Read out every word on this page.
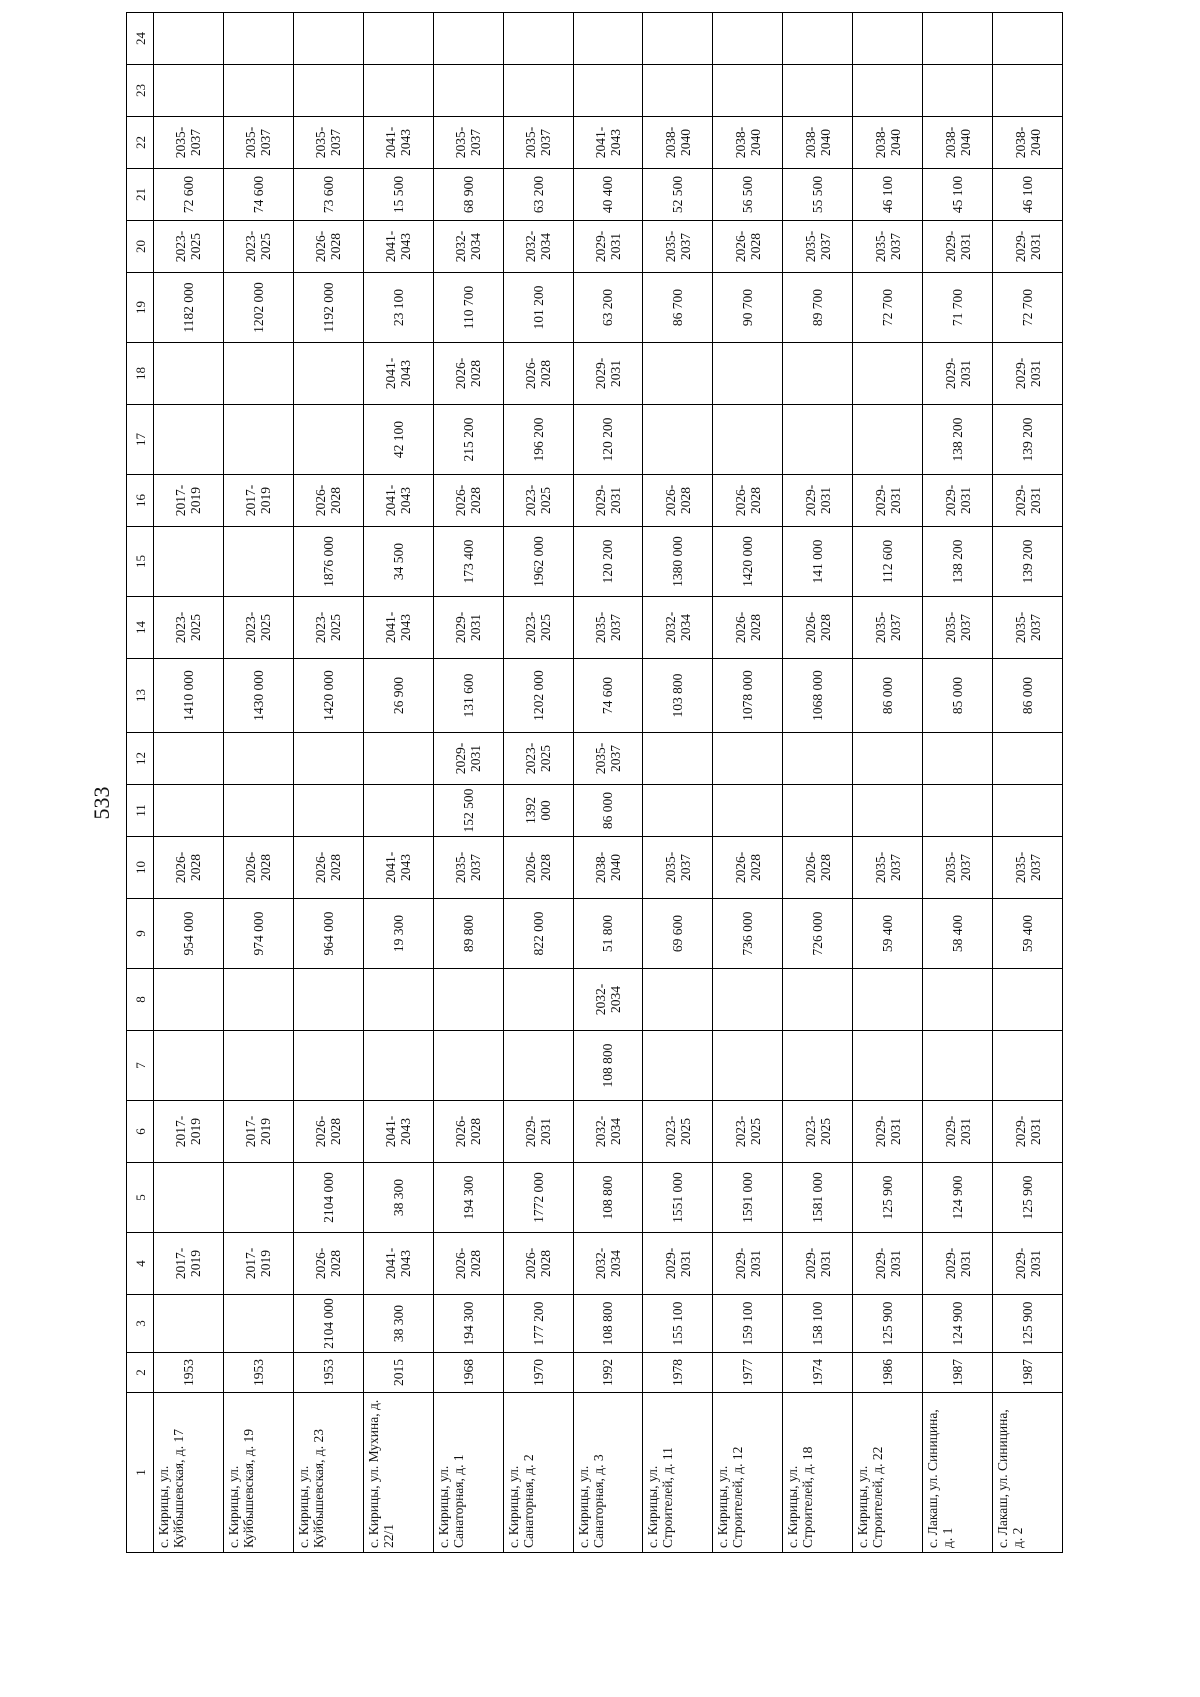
533
1	2	3	4	5	6	7	8	9	10	11	12	13	14	15	16	17	18	19	20	21	22	23	24
с. Кирицы, ул. Куйбышевская, д. 17	1953		2017-2019		2017-2019			954 000	2026-2028			1410 000	2023-2025		2017-2019			1182 000	2023-2025	72 600	2035-2037		
с. Кирицы, ул. Куйбышевская, д. 19	1953		2017-2019		2017-2019			974 000	2026-2028			1430 000	2023-2025		2017-2019			1202 000	2023-2025	74 600	2035-2037		
с. Кирицы, ул. Куйбышевская, д. 23	1953	2104 000	2026-2028	2104 000	2026-2028			964 000	2026-2028			1420 000	2023-2025	1876 000	2026-2028			1192 000	2026-2028	73 600	2035-2037		
с. Кирицы, ул. Мухина, д. 22/1	2015	38 300	2041-2043	38 300	2041-2043			19 300	2041-2043			26 900	2041-2043	34 500	2041-2043	42 100	2041-2043	23 100	2041-2043	15 500	2041-2043		
с. Кирицы, ул. Санаторная, д. 1	1968	194 300	2026-2028	194 300	2026-2028			89 800	2035-2037	152 500	2029-2031	131 600	2029-2031	173 400	2026-2028	215 200	2026-2028	110 700	2032-2034	68 900	2035-2037		
с. Кирицы, ул. Санаторная, д. 2	1970	177 200	2026-2028	1772 000	2029-2031			822 000	2026-2028	1392 000	2023-2025	1202 000	2023-2025	1962 000	2023-2025	196 200	2026-2028	101 200	2032-2034	63 200	2035-2037		
с. Кирицы, ул. Санаторная, д. 3	1992	108 800	2032-2034	108 800	2032-2034	108 800	2032-2034	51 800	2038-2040	86 000	2035-2037	74 600	2035-2037	120 200	2029-2031	120 200	2029-2031	63 200	2029-2031	40 400	2041-2043		
с. Кирицы, ул. Строителей, д. 11	1978	155 100	2029-2031	1551 000	2023-2025			69 600	2035-2037			103 800	2032-2034	1380 000	2026-2028			86 700	2035-2037	52 500	2038-2040		
с. Кирицы, ул. Строителей, д. 12	1977	159 100	2029-2031	1591 000	2023-2025			736 000	2026-2028			1078 000	2026-2028	1420 000	2026-2028			90 700	2026-2028	56 500	2038-2040		
с. Кирицы, ул. Строителей, д. 18	1974	158 100	2029-2031	1581 000	2023-2025			726 000	2026-2028			1068 000	2026-2028	141 000	2029-2031			89 700	2035-2037	55 500	2038-2040		
с. Кирицы, ул. Строителей, д. 22	1986	125 900	2029-2031	125 900	2029-2031			59 400	2035-2037			86 000	2035-2037	112 600	2029-2031			72 700	2035-2037	46 100	2038-2040		
с. Лакаш, ул. Синицина, д. 1	1987	124 900	2029-2031	124 900	2029-2031			58 400	2035-2037			85 000	2035-2037	138 200	2029-2031	138 200	2029-2031	71 700	2029-2031	45 100	2038-2040		
с. Лакаш, ул. Синицина, д. 2	1987	125 900	2029-2031	125 900	2029-2031			59 400	2035-2037			86 000	2035-2037	139 200	2029-2031	139 200	2029-2031	72 700	2029-2031	46 100	2038-2040		
